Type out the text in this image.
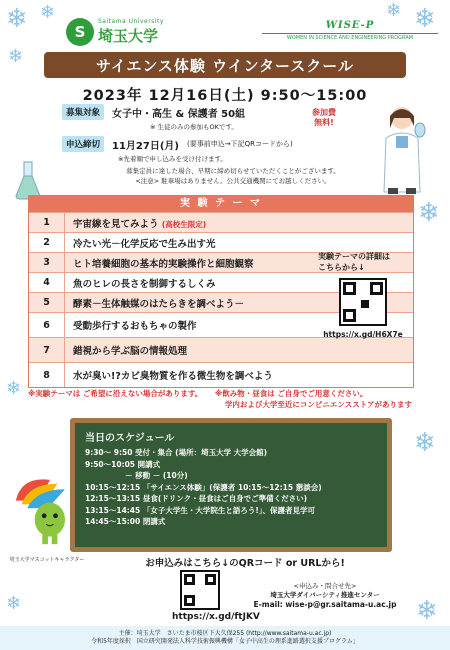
❄ ❄	❄
❄
❄
❄
❄
❄
❄	❄
S
Saitama University
埼玉大学
WISE-P
WOMEN IN SCIENCE AND ENGINEERING PROGRAM
サイエンス体験 ウインタースクール
2023年 12月16日(土) 9:50～15:00
募集対象	女子中・高生 & 保護者 50組
※ 生徒のみの参加もOKです。
参加費
無料!
申込締切	11月27日(月) (要事前申込→下記QRコードから)
※先着順で申し込みを受け付けます。
募集定員に達した場合、早期に締め切らせていただくことがございます。
<注意> 駐車場はありません。公共交通機関にてお越しください。
実 験 テ ー マ
1	宇宙線を見てみよう (高校生限定)
2	冷たい光－化学反応で生み出す光
3	ヒト培養細胞の基本的実験操作と細胞観察
4	魚のヒレの長さを制御するしくみ
5	酵素－生体触媒のはたらきを調べよう－
6	受動歩行するおもちゃの製作
7	錯視から学ぶ脳の情報処理
8	水が臭い!?カビ臭物質を作る微生物を調べよう
実験テーマの詳細は
こちらから↓
https://x.gd/H6X7e
※実験テーマは ご希望に沿えない場合があります。 ※飲み物・昼食は ご自身でご用意ください。
学内および大学至近にコンビニエンスストアがあります
埼玉大学マスコットキャラクター
当日のスケジュール
9:30～ 9:50 受付・集合 (場所：埼玉大学 大学会館)
9:50～10:05 開講式
－ 移動 － (10分)
10:15～12:15 「サイエンス体験」(保護者 10:15～12:15 懇談会)
12:15～13:15 昼食(ドリンク・昼食はご自身でご準備ください)
13:15～14:45 「女子大学生・大学院生と語ろう!」、保護者見学可
14:45～15:00 閉講式
お申込みはこちら↓のQRコード or URLから!
https://x.gd/ftJKV
<申込み・問合せ先>
埼玉大学ダイバーシティ推進センター
E-mail: wise-p@gr.saitama-u.ac.jp
主催：埼玉大学　さいたま市桜区下大久保255 (http://www.saitama-u.ac.jp)
令和5年度採択　国立研究開発法人科学技術振興機構「女子中高生の理系進路選択支援プログラム」
